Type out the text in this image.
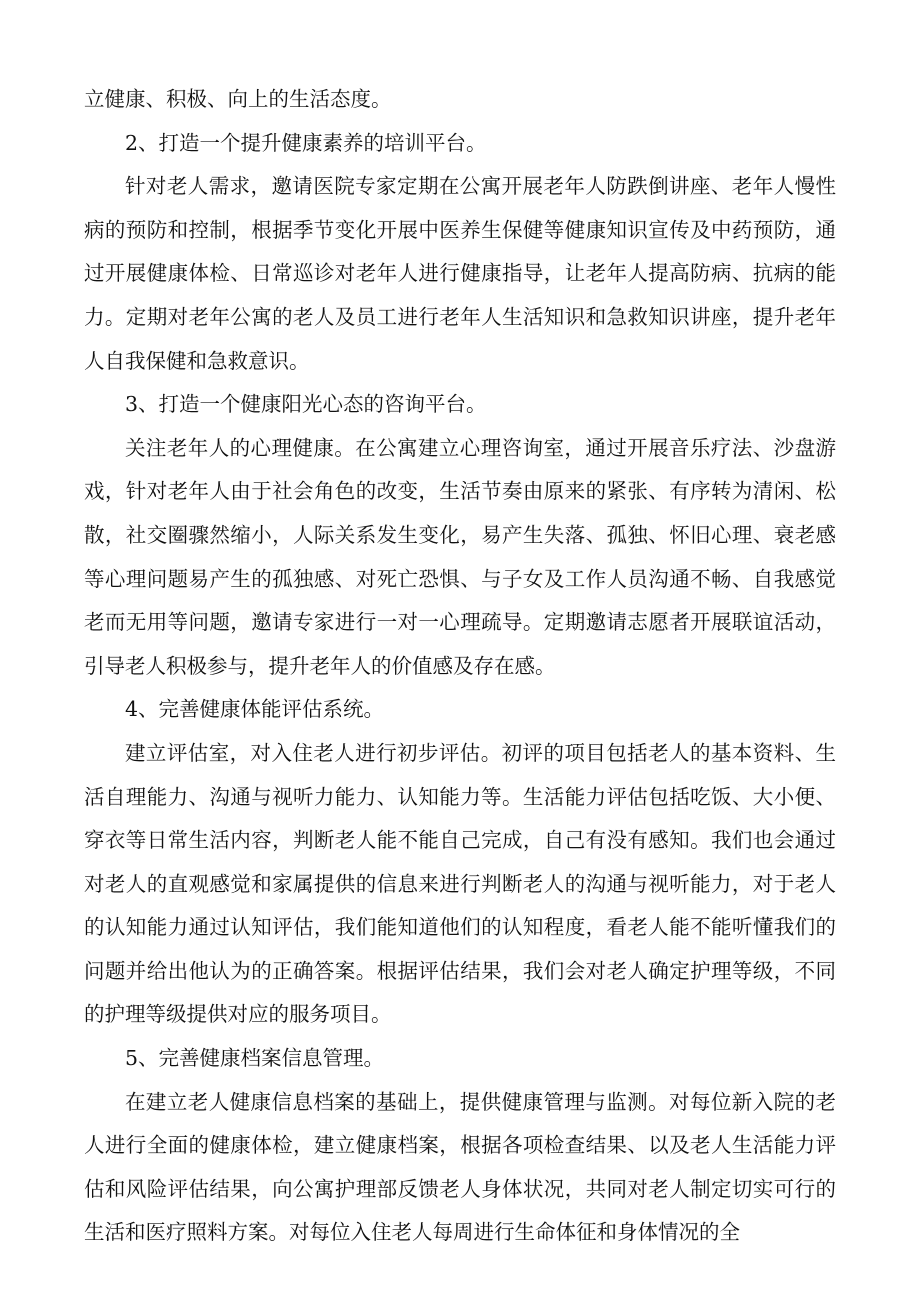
立健康、积极、向上的生活态度。

2、打造一个提升健康素养的培训平台。

针对老人需求，邀请医院专家定期在公寓开展老年人防跌倒讲座、老年人慢性病的预防和控制，根据季节变化开展中医养生保健等健康知识宣传及中药预防，通过开展健康体检、日常巡诊对老年人进行健康指导，让老年人提高防病、抗病的能力。定期对老年公寓的老人及员工进行老年人生活知识和急救知识讲座，提升老年人自我保健和急救意识。

3、打造一个健康阳光心态的咨询平台。

关注老年人的心理健康。在公寓建立心理咨询室，通过开展音乐疗法、沙盘游戏，针对老年人由于社会角色的改变，生活节奏由原来的紧张、有序转为清闲、松散，社交圈骤然缩小，人际关系发生变化，易产生失落、孤独、怀旧心理、衰老感等心理问题易产生的孤独感、对死亡恐惧、与子女及工作人员沟通不畅、自我感觉老而无用等问题，邀请专家进行一对一心理疏导。定期邀请志愿者开展联谊活动，引导老人积极参与，提升老年人的价值感及存在感。

4、完善健康体能评估系统。

建立评估室，对入住老人进行初步评估。初评的项目包括老人的基本资料、生活自理能力、沟通与视听力能力、认知能力等。生活能力评估包括吃饭、大小便、穿衣等日常生活内容，判断老人能不能自己完成，自己有没有感知。我们也会通过对老人的直观感觉和家属提供的信息来进行判断老人的沟通与视听能力，对于老人的认知能力通过认知评估，我们能知道他们的认知程度，看老人能不能听懂我们的问题并给出他认为的正确答案。根据评估结果，我们会对老人确定护理等级，不同的护理等级提供对应的服务项目。

5、完善健康档案信息管理。

在建立老人健康信息档案的基础上，提供健康管理与监测。对每位新入院的老人进行全面的健康体检，建立健康档案，根据各项检查结果、以及老人生活能力评估和风险评估结果，向公寓护理部反馈老人身体状况，共同对老人制定切实可行的生活和医疗照料方案。对每位入住老人每周进行生命体征和身体情况的全
